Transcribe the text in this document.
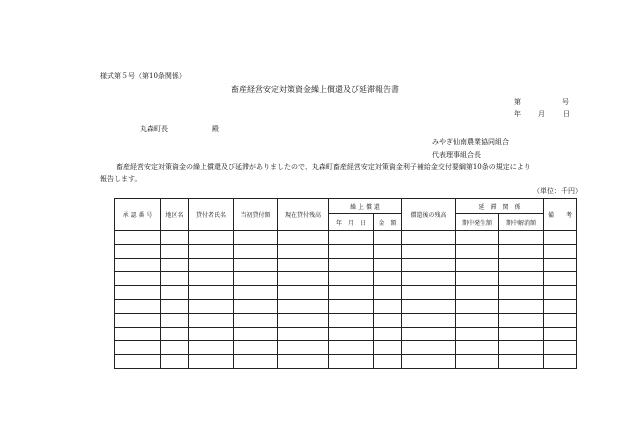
様式第５号（第10条関係）
畜産経営安定対策資金繰上償還及び延滞報告書
第	号
年 月	日
丸森町長	殿
みやぎ仙南農業協同組合
代表理事組合長
畜産経営安定対策資金の繰上償還及び延滞がありましたので、丸森町畜産経営安定対策資金利子補給金交付要綱第10条の規定により
報告します。
（単位：千円）
承 認 番 号	地区名	貸付者氏名	当初貸付額	現在貸付残高	繰 上 償 還		償還後の残高	延　滞　関　係		備　　考
					年　月　日	金　額		期中発生額	期中解消額	
